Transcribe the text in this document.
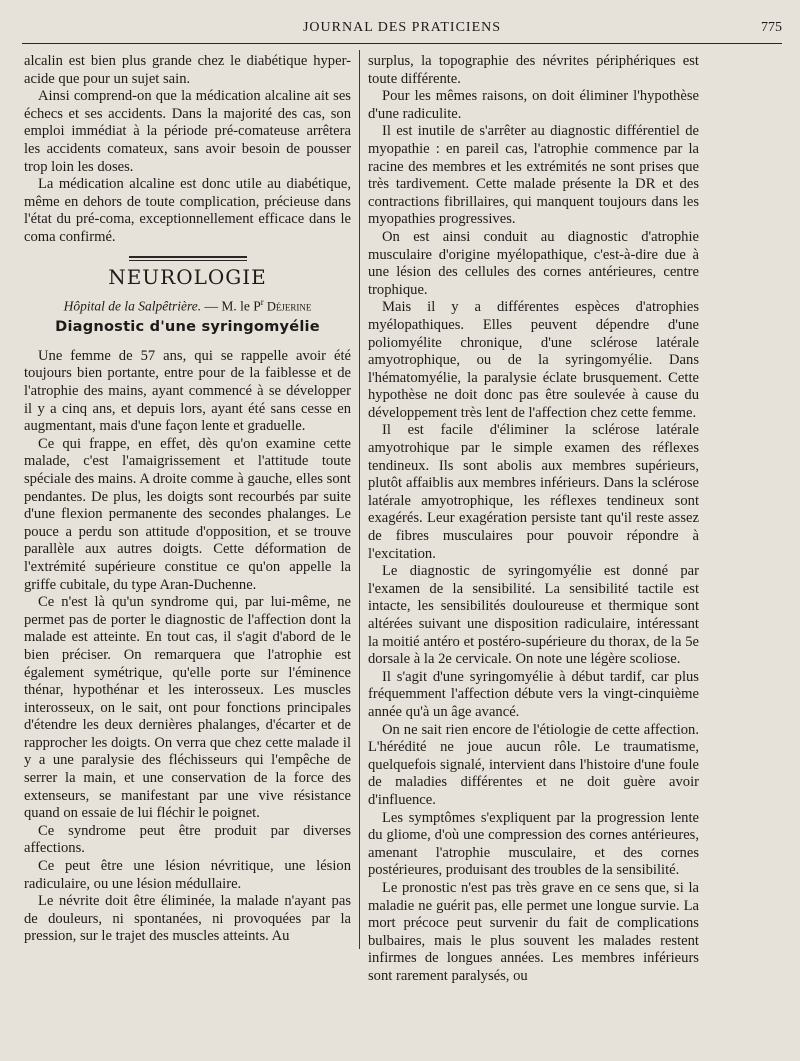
JOURNAL DES PRATICIENS	775

alcalin est bien plus grande chez le diabétique hyper-acide que pour un sujet sain.

Ainsi comprend-on que la médication alcaline ait ses échecs et ses accidents. Dans la majorité des cas, son emploi immédiat à la période pré-comateuse arrêtera les accidents comateux, sans avoir besoin de pousser trop loin les doses.

La médication alcaline est donc utile au diabétique, même en dehors de toute complication, précieuse dans l'état du pré-coma, exceptionnellement efficace dans le coma confirmé.

NEUROLOGIE
Hôpital de la Salpêtrière. — M. le $P^r$ Déjerine
Diagnostic d'une syringomyélie

Une femme de 57 ans, qui se rappelle avoir été toujours bien portante, entre pour de la faiblesse et de l'atrophie des mains, ayant commencé à se développer il y a cinq ans, et depuis lors, ayant été sans cesse en augmentant, mais d'une façon lente et graduelle.

Ce qui frappe, en effet, dès qu'on examine cette malade, c'est l'amaigrissement et l'attitude toute spéciale des mains. A droite comme à gauche, elles sont pendantes. De plus, les doigts sont recourbés par suite d'une flexion permanente des secondes phalanges. Le pouce a perdu son attitude d'opposition, et se trouve parallèle aux autres doigts. Cette déformation de l'extrémité supérieure constitue ce qu'on appelle la griffe cubitale, du type Aran-Duchenne.

Ce n'est là qu'un syndrome qui, par lui-même, ne permet pas de porter le diagnostic de l'affection dont la malade est atteinte. En tout cas, il s'agit d'abord de le bien préciser. On remarquera que l'atrophie est également symétrique, qu'elle porte sur l'éminence thénar, hypothénar et les interosseux. Les muscles interosseux, on le sait, ont pour fonctions principales d'étendre les deux dernières phalanges, d'écarter et de rapprocher les doigts. On verra que chez cette malade il y a une paralysie des fléchisseurs qui l'empêche de serrer la main, et une conservation de la force des extenseurs, se manifestant par une vive résistance quand on essaie de lui fléchir le poignet.

Ce syndrome peut être produit par diverses affections.

Ce peut être une lésion névritique, une lésion radiculaire, ou une lésion médullaire.

Le névrite doit être éliminée, la malade n'ayant pas de douleurs, ni spontanées, ni provoquées par la pression, sur le trajet des muscles atteints. Au

surplus, la topographie des névrites périphériques est toute différente.

Pour les mêmes raisons, on doit éliminer l'hypothèse d'une radiculite.

Il est inutile de s'arrêter au diagnostic différentiel de myopathie : en pareil cas, l'atrophie commence par la racine des membres et les extrémités ne sont prises que très tardivement. Cette malade présente la DR et des contractions fibrillaires, qui manquent toujours dans les myopathies progressives.

On est ainsi conduit au diagnostic d'atrophie musculaire d'origine myélopathique, c'est-à-dire due à une lésion des cellules des cornes antérieures, centre trophique.

Mais il y a différentes espèces d'atrophies myélopathiques. Elles peuvent dépendre d'une poliomyélite chronique, d'une sclérose latérale amyotrophique, ou de la syringomyélie. Dans l'hématomyélie, la paralysie éclate brusquement. Cette hypothèse ne doit donc pas être soulevée à cause du développement très lent de l'affection chez cette femme.

Il est facile d'éliminer la sclérose latérale amyotrohique par le simple examen des réflexes tendineux. Ils sont abolis aux membres supérieurs, plutôt affaiblis aux membres inférieurs. Dans la sclérose latérale amyotrophique, les réflexes tendineux sont exagérés. Leur exagération persiste tant qu'il reste assez de fibres musculaires pour pouvoir répondre à l'excitation.

Le diagnostic de syringomyélie est donné par l'examen de la sensibilité. La sensibilité tactile est intacte, les sensibilités douloureuse et thermique sont altérées suivant une disposition radiculaire, intéressant la moitié antéro et postéro-supérieure du thorax, de la 5e dorsale à la 2e cervicale. On note une légère scoliose.

Il s'agit d'une syringomyélie à début tardif, car plus fréquemment l'affection débute vers la vingt-cinquième année qu'à un âge avancé.

On ne sait rien encore de l'étiologie de cette affection. L'hérédité ne joue aucun rôle. Le traumatisme, quelquefois signalé, intervient dans l'histoire d'une foule de maladies différentes et ne doit guère avoir d'influence.

Les symptômes s'expliquent par la progression lente du gliome, d'où une compression des cornes antérieures, amenant l'atrophie musculaire, et des cornes postérieures, produisant des troubles de la sensibilité.

Le pronostic n'est pas très grave en ce sens que, si la maladie ne guérit pas, elle permet une longue survie. La mort précoce peut survenir du fait de complications bulbaires, mais le plus souvent les malades restent infirmes de longues années. Les membres inférieurs sont rarement paralysés, ou
